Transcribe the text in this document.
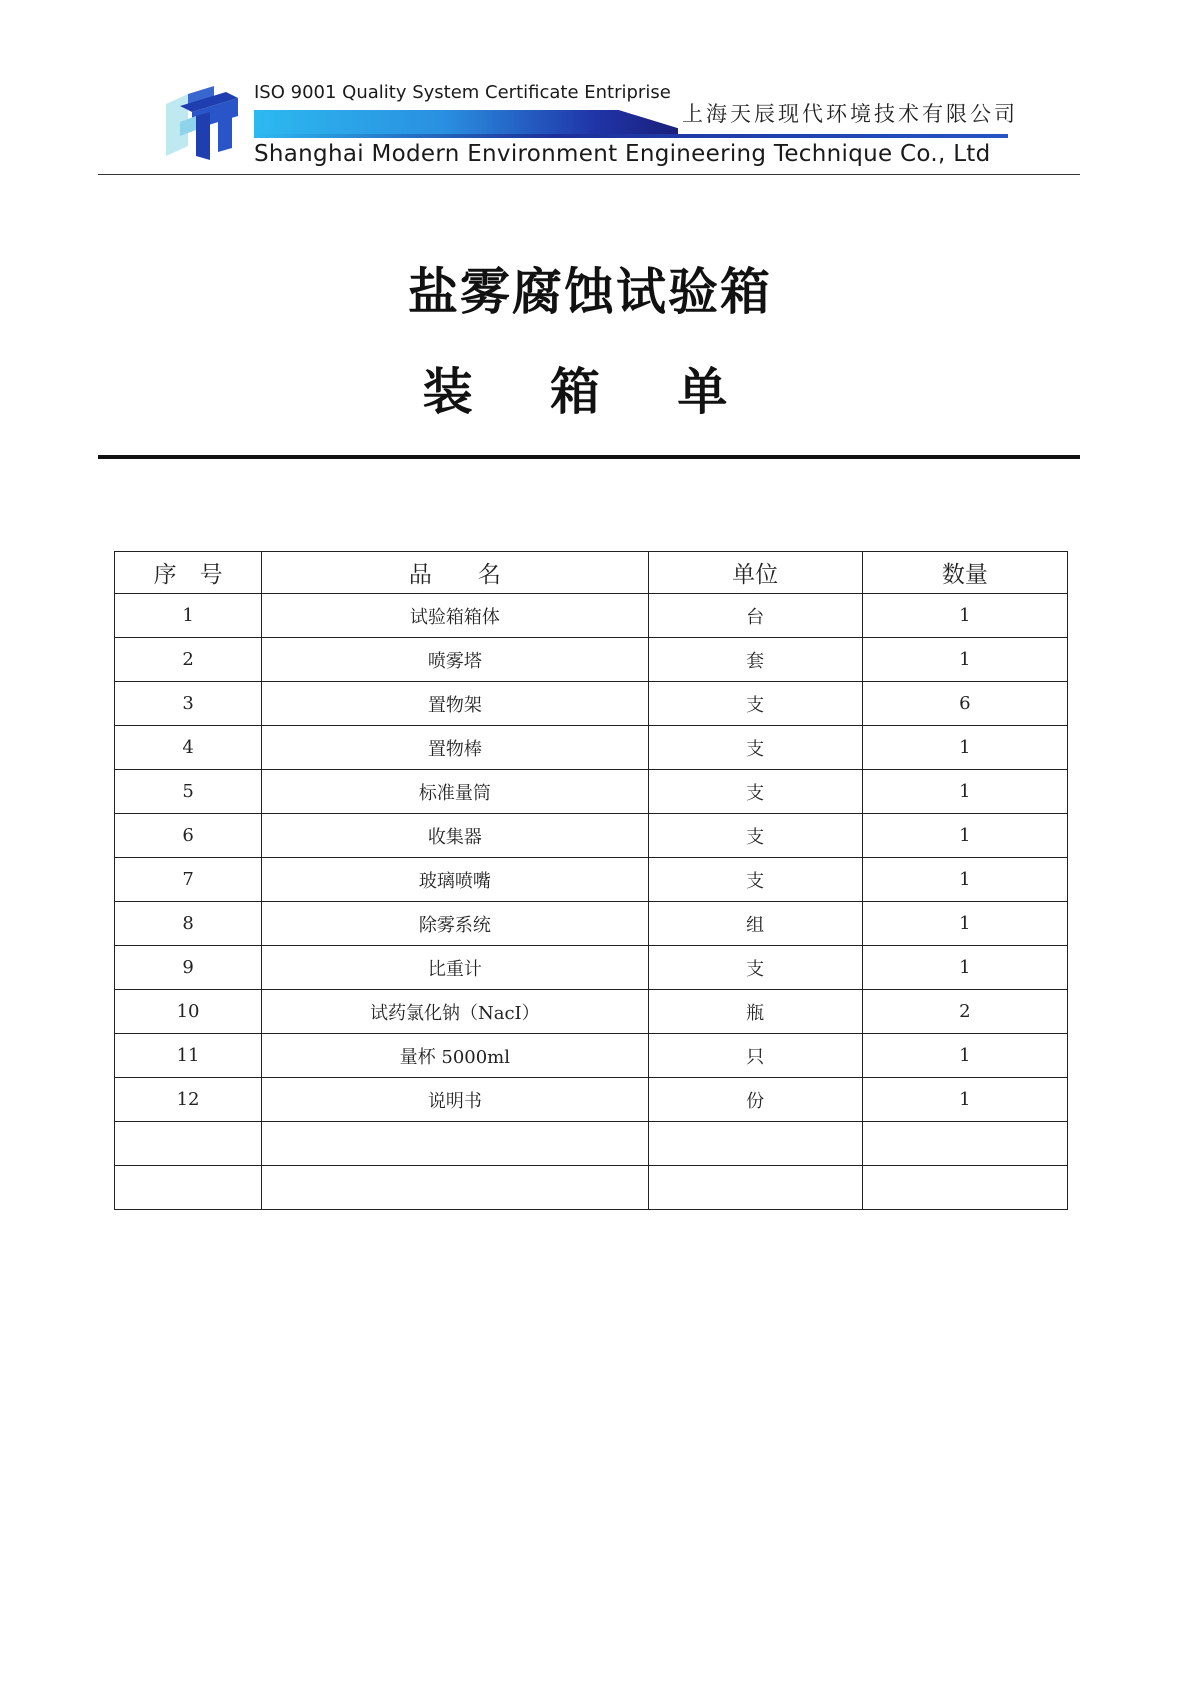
ISO 9001 Quality System Certificate Entriprise
上海天辰现代环境技术有限公司
Shanghai Modern Environment Engineering Technique Co., Ltd
盐雾腐蚀试验箱
装 箱 单
序　号	品　　名	单位	数量
1	试验箱箱体	台	1
2	喷雾塔	套	1
3	置物架	支	6
4	置物棒	支	1
5	标准量筒	支	1
6	收集器	支	1
7	玻璃喷嘴	支	1
8	除雾系统	组	1
9	比重计	支	1
10	试药氯化钠（NacI）	瓶	2
11	量杯 5000ml	只	1
12	说明书	份	1
